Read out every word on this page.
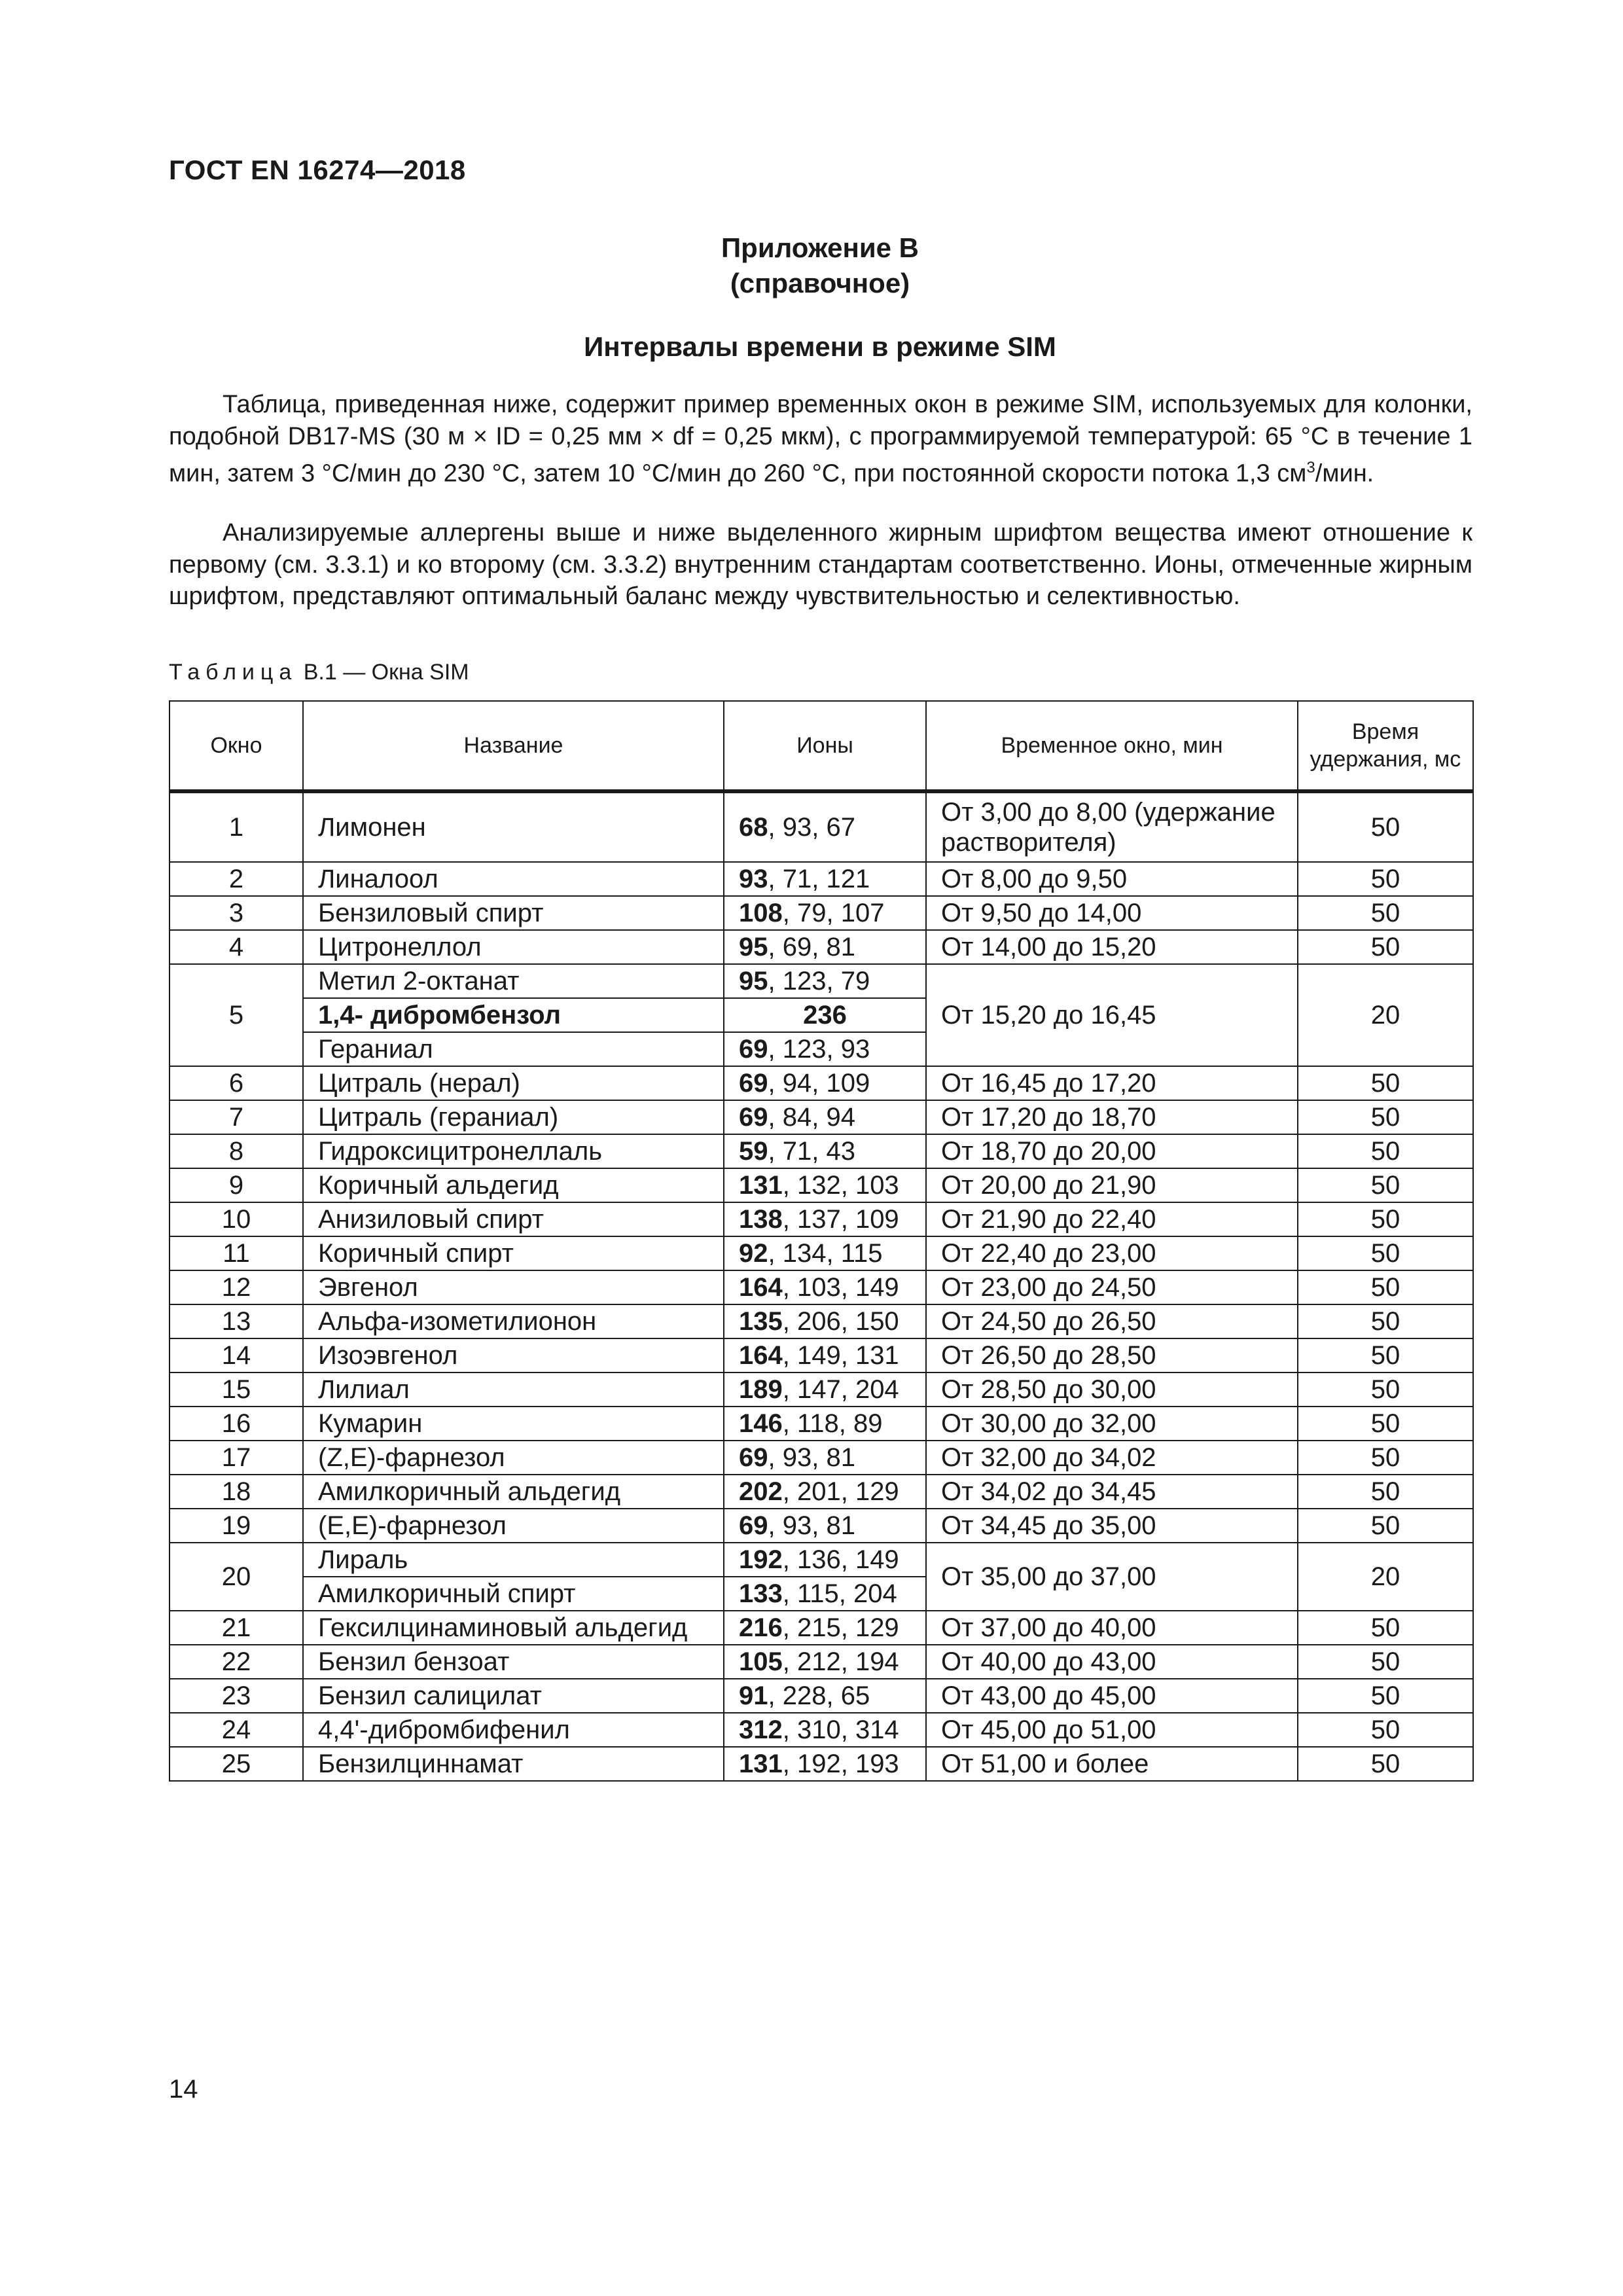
ГОСТ EN 16274—2018
Приложение В
(справочное)
Интервалы времени в режиме SIM

Таблица, приведенная ниже, содержит пример временных окон в режиме SIM, используемых для колонки, подобной DB17-MS (30 м × ID = 0,25 мм × df = 0,25 мкм), с программируемой температурой: 65 °C в течение 1 мин, затем 3 °C/мин до 230 °C, затем 10 °C/мин до 260 °C, при постоянной скорости потока 1,3 $см^3$/мин.

Анализируемые аллергены выше и ниже выделенного жирным шрифтом вещества имеют отношение к первому (см. 3.3.1) и ко второму (см. 3.3.2) внутренним стандартам соответственно. Ионы, отмеченные жирным шрифтом, представляют оптимальный баланс между чувствительностью и селективностью.

Таблица В.1 — Окна SIM
Окно	Название	Ионы	Временное окно, мин	Время удержания, мс
1	Лимонен	68, 93, 67	От 3,00 до 8,00 (удержание растворителя)	50
2	Линалоол	93, 71, 121	От 8,00 до 9,50	50
3	Бензиловый спирт	108, 79, 107	От 9,50 до 14,00	50
4	Цитронеллол	95, 69, 81	От 14,00 до 15,20	50
5	Метил 2-октанат	95, 123, 79	От 15,20 до 16,45	20
	1,4- дибромбензол	236		
	Гераниал	69, 123, 93		
6	Цитраль (нерал)	69, 94, 109	От 16,45 до 17,20	50
7	Цитраль (гераниал)	69, 84, 94	От 17,20 до 18,70	50
8	Гидроксицитронеллаль	59, 71, 43	От 18,70 до 20,00	50
9	Коричный альдегид	131, 132, 103	От 20,00 до 21,90	50
10	Анизиловый спирт	138, 137, 109	От 21,90 до 22,40	50
11	Коричный спирт	92, 134, 115	От 22,40 до 23,00	50
12	Эвгенол	164, 103, 149	От 23,00 до 24,50	50
13	Альфа-изометилионон	135, 206, 150	От 24,50 до 26,50	50
14	Изоэвгенол	164, 149, 131	От 26,50 до 28,50	50
15	Лилиал	189, 147, 204	От 28,50 до 30,00	50
16	Кумарин	146, 118, 89	От 30,00 до 32,00	50
17	(Z,E)-фарнезол	69, 93, 81	От 32,00 до 34,02	50
18	Амилкоричный альдегид	202, 201, 129	От 34,02 до 34,45	50
19	(E,E)-фарнезол	69, 93, 81	От 34,45 до 35,00	50
20	Лираль	192, 136, 149	От 35,00 до 37,00	20
	Амилкоричный спирт	133, 115, 204		
21	Гексилцинаминовый альдегид	216, 215, 129	От 37,00 до 40,00	50
22	Бензил бензоат	105, 212, 194	От 40,00 до 43,00	50
23	Бензил салицилат	91, 228, 65	От 43,00 до 45,00	50
24	4,4'-дибромбифенил	312, 310, 314	От 45,00 до 51,00	50
25	Бензилциннамат	131, 192, 193	От 51,00 и более	50
14
